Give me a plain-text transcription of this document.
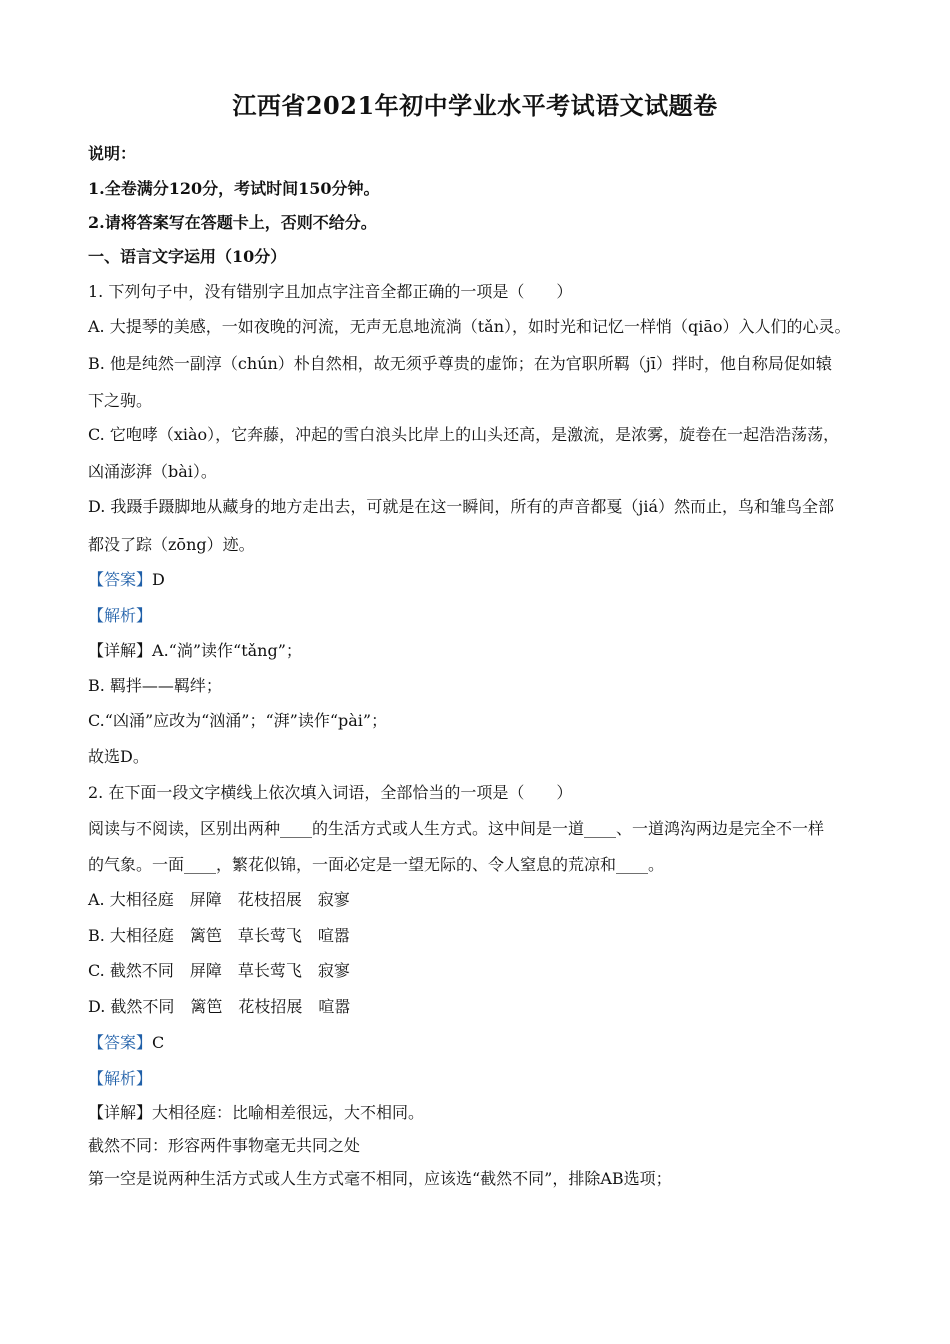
江西省2021年初中学业水平考试语文试题卷
说明：
1.全卷满分120分，考试时间150分钟。
2.请将答案写在答题卡上，否则不给分。
一、语言文字运用（10分）
1. 下列句子中，没有错别字且加点字注音全都正确的一项是（　　）
A. 大提琴的美感，一如夜晚的河流，无声无息地流淌（tǎn），如时光和记忆一样悄（qiāo）入人们的心灵。
B. 他是纯然一副淳（chún）朴自然相，故无须乎尊贵的虚饰；在为官职所羁（jī）拌时，他自称局促如辕
下之驹。
C. 它咆哮（xiào），它奔藤，冲起的雪白浪头比岸上的山头还高，是激流，是浓雾，旋卷在一起浩浩荡荡，
凶涌澎湃（bài）。
D. 我蹑手蹑脚地从藏身的地方走出去，可就是在这一瞬间，所有的声音都戛（jiá）然而止，鸟和雏鸟全部
都没了踪（zōng）迹。
【答案】D
【解析】
【详解】A.“淌”读作“tǎng”；
B. 羁拌——羁绊；
C.“凶涌”应改为“汹涌”；“湃”读作“pài”；
故选D。
2. 在下面一段文字横线上依次填入词语，全部恰当的一项是（　　）
阅读与不阅读，区别出两种____的生活方式或人生方式。这中间是一道____、一道鸿沟两边是完全不一样
的气象。一面____，繁花似锦，一面必定是一望无际的、令人窒息的荒凉和____。
A. 大相径庭　屏障　花枝招展　寂寥
B. 大相径庭　篱笆　草长莺飞　喧嚣
C. 截然不同　屏障　草长莺飞　寂寥
D. 截然不同　篱笆　花枝招展　喧嚣
【答案】C
【解析】
【详解】大相径庭：比喻相差很远，大不相同。
截然不同：形容两件事物毫无共同之处
第一空是说两种生活方式或人生方式毫不相同，应该选“截然不同”，排除AB选项；
